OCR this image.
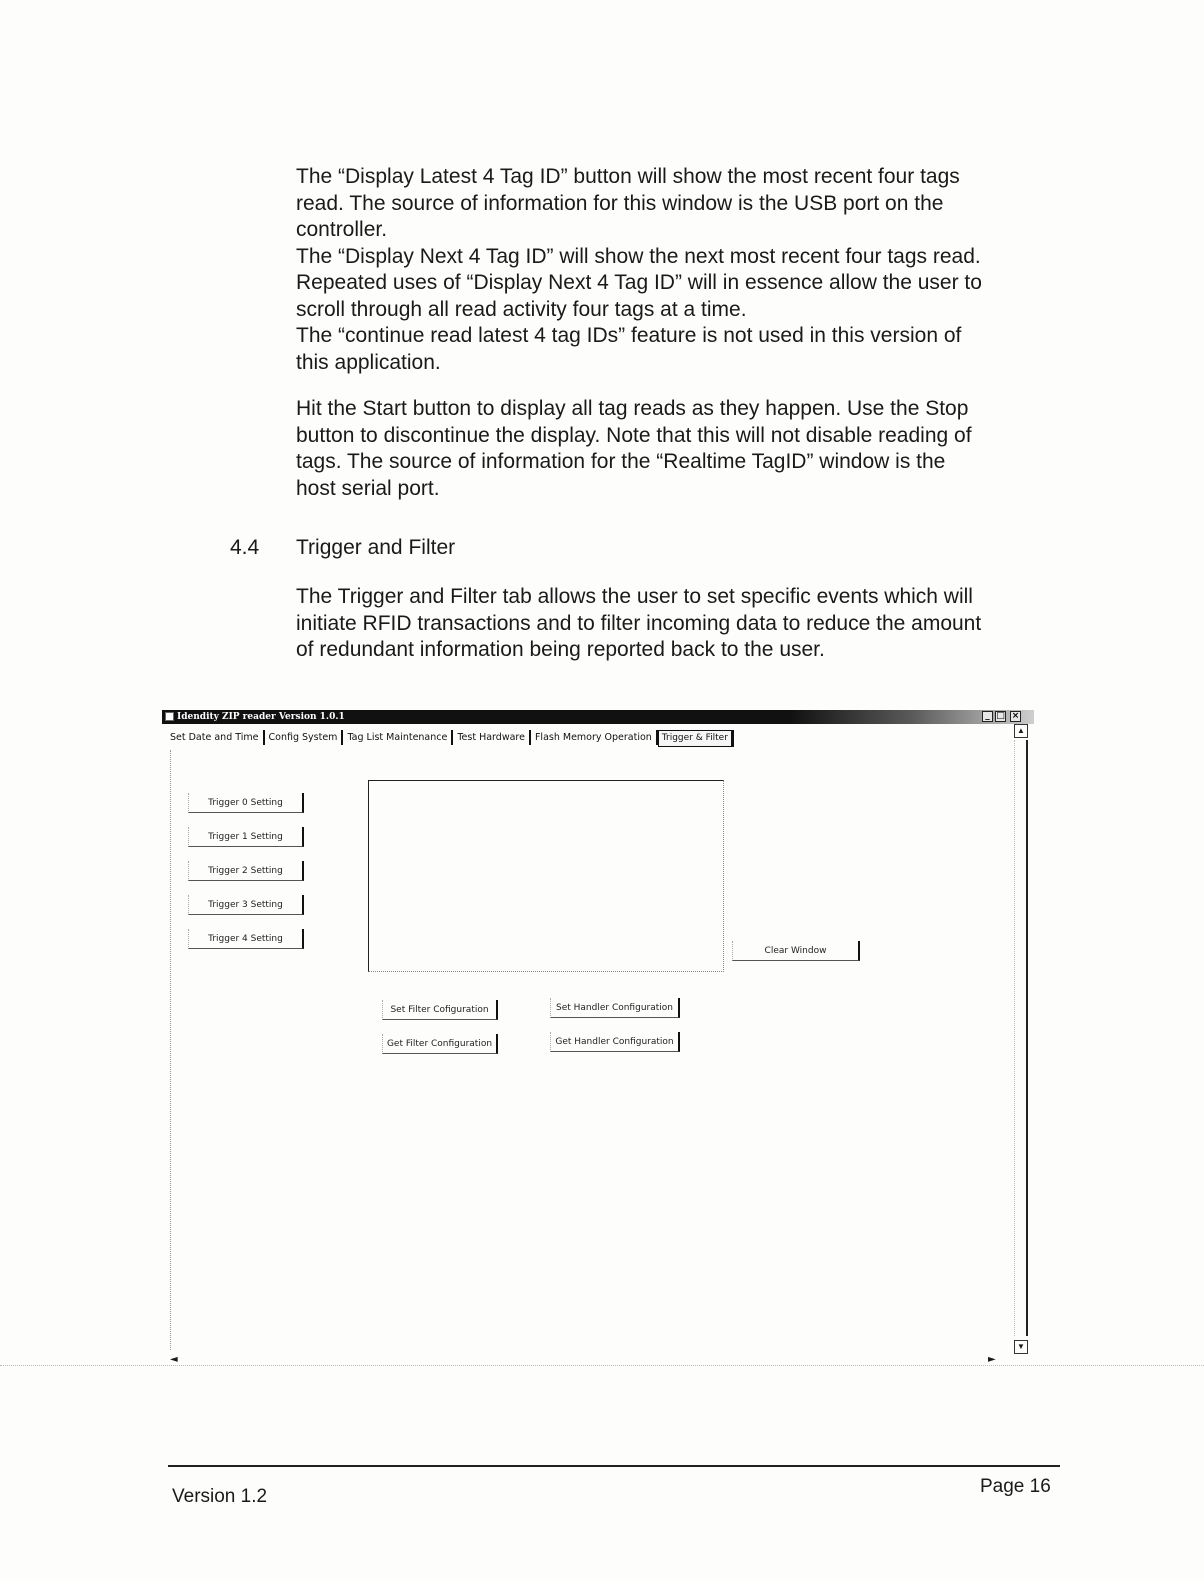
The “Display Latest 4 Tag ID” button will show the most recent four tags

read. The source of information for this window is the USB port on the

controller.

The “Display Next 4 Tag ID” will show the next most recent four tags read.

Repeated uses of “Display Next 4 Tag ID” will in essence allow the user to

scroll through all read activity four tags at a time.

The “continue read latest 4 tag IDs” feature is not used in this version of

this application.

Hit the Start button to display all tag reads as they happen. Use the Stop

button to discontinue the display. Note that this will not disable reading of

tags. The source of information for the “Realtime TagID” window is the

host serial port.

4.4 Trigger and Filter

The Trigger and Filter tab allows the user to set specific events which will

initiate RFID transactions and to filter incoming data to reduce the amount

of redundant information being reported back to the user.

Idendity ZIP reader Version 1.0.1	_ □ ×
Set Date and Time Config System Tag List Maintenance Test Hardware Flash Memory Operation Trigger & Filter
Trigger 0 Setting
Trigger 1 Setting
Trigger 2 Setting
Trigger 3 Setting
Trigger 4 Setting
Clear Window
Set Filter Cofiguration
Get Filter Configuration
Set Handler Configuration
Get Handler Configuration
▲
▼
◄	►
Version 1.2	Page 16
